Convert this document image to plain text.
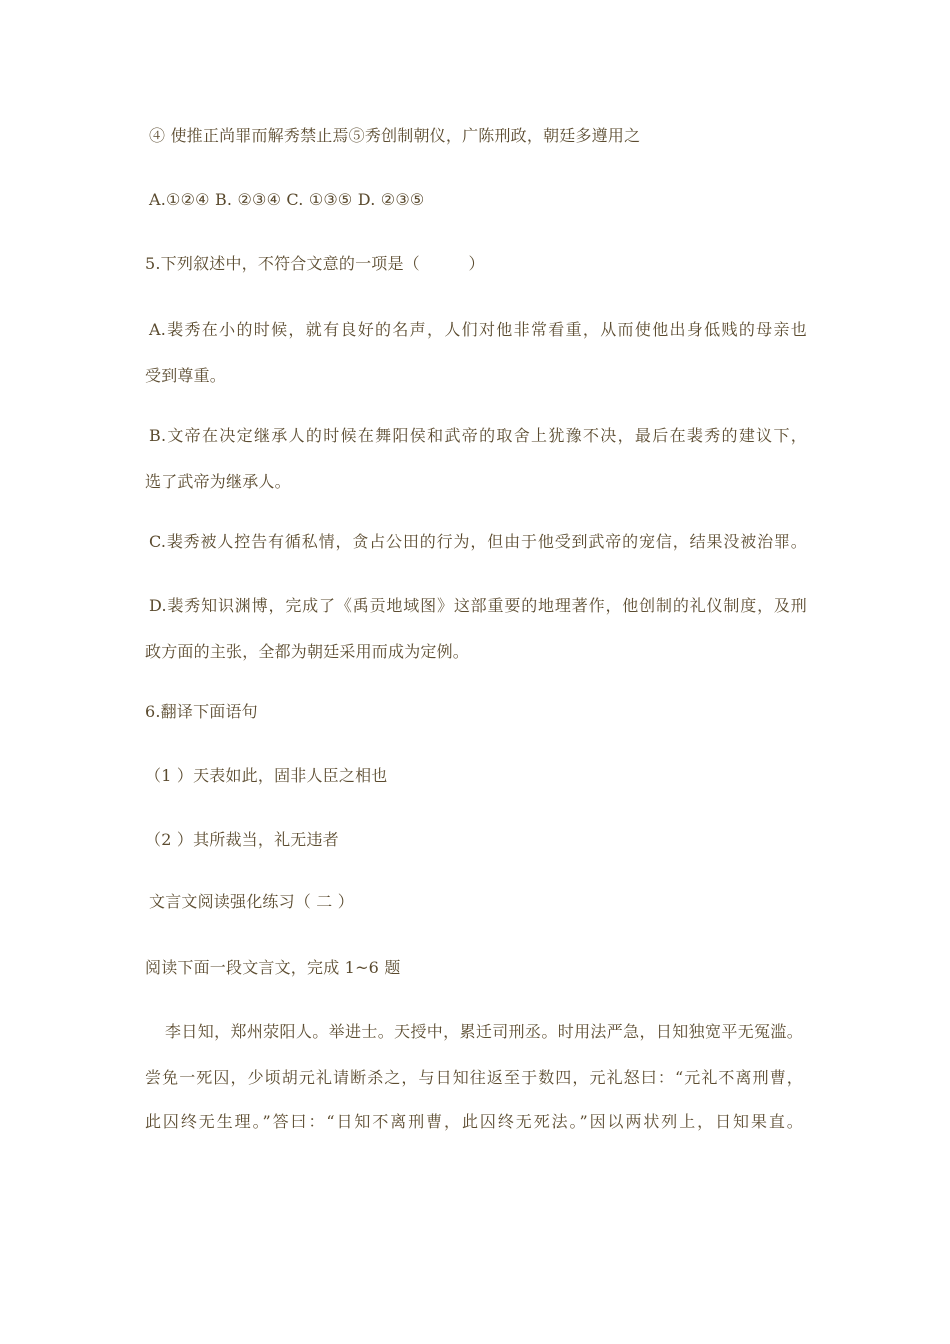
④ 使推正尚罪而解秀禁止焉⑤秀创制朝仪，广陈刑政，朝廷多遵用之
A.①②④ B. ②③④ C. ①③⑤ D. ②③⑤
5.下列叙述中，不符合文意的一项是（　　　）
A.裴秀在小的时候，就有良好的名声，人们对他非常看重，从而使他出身低贱的母亲也
受到尊重。
B.文帝在决定继承人的时候在舞阳侯和武帝的取舍上犹豫不决，最后在裴秀的建议下，
选了武帝为继承人。
C.裴秀被人控告有循私情，贪占公田的行为，但由于他受到武帝的宠信，结果没被治罪。
D.裴秀知识渊博，完成了《禹贡地域图》这部重要的地理著作，他创制的礼仪制度，及刑
政方面的主张，全都为朝廷采用而成为定例。
6.翻译下面语句
（1 ）天表如此，固非人臣之相也
（2 ）其所裁当，礼无违者
文言文阅读强化练习（ 二 ）
阅读下面一段文言文，完成 1~6 题
李日知，郑州荥阳人。举进士。天授中，累迁司刑丞。时用法严急，日知独宽平无冤滥。
尝免一死囚，少顷胡元礼请断杀之，与日知往返至于数四，元礼怒曰：“元礼不离刑曹，
此囚终无生理。”答曰：“日知不离刑曹，此囚终无死法。”因以两状列上，日知果直。
